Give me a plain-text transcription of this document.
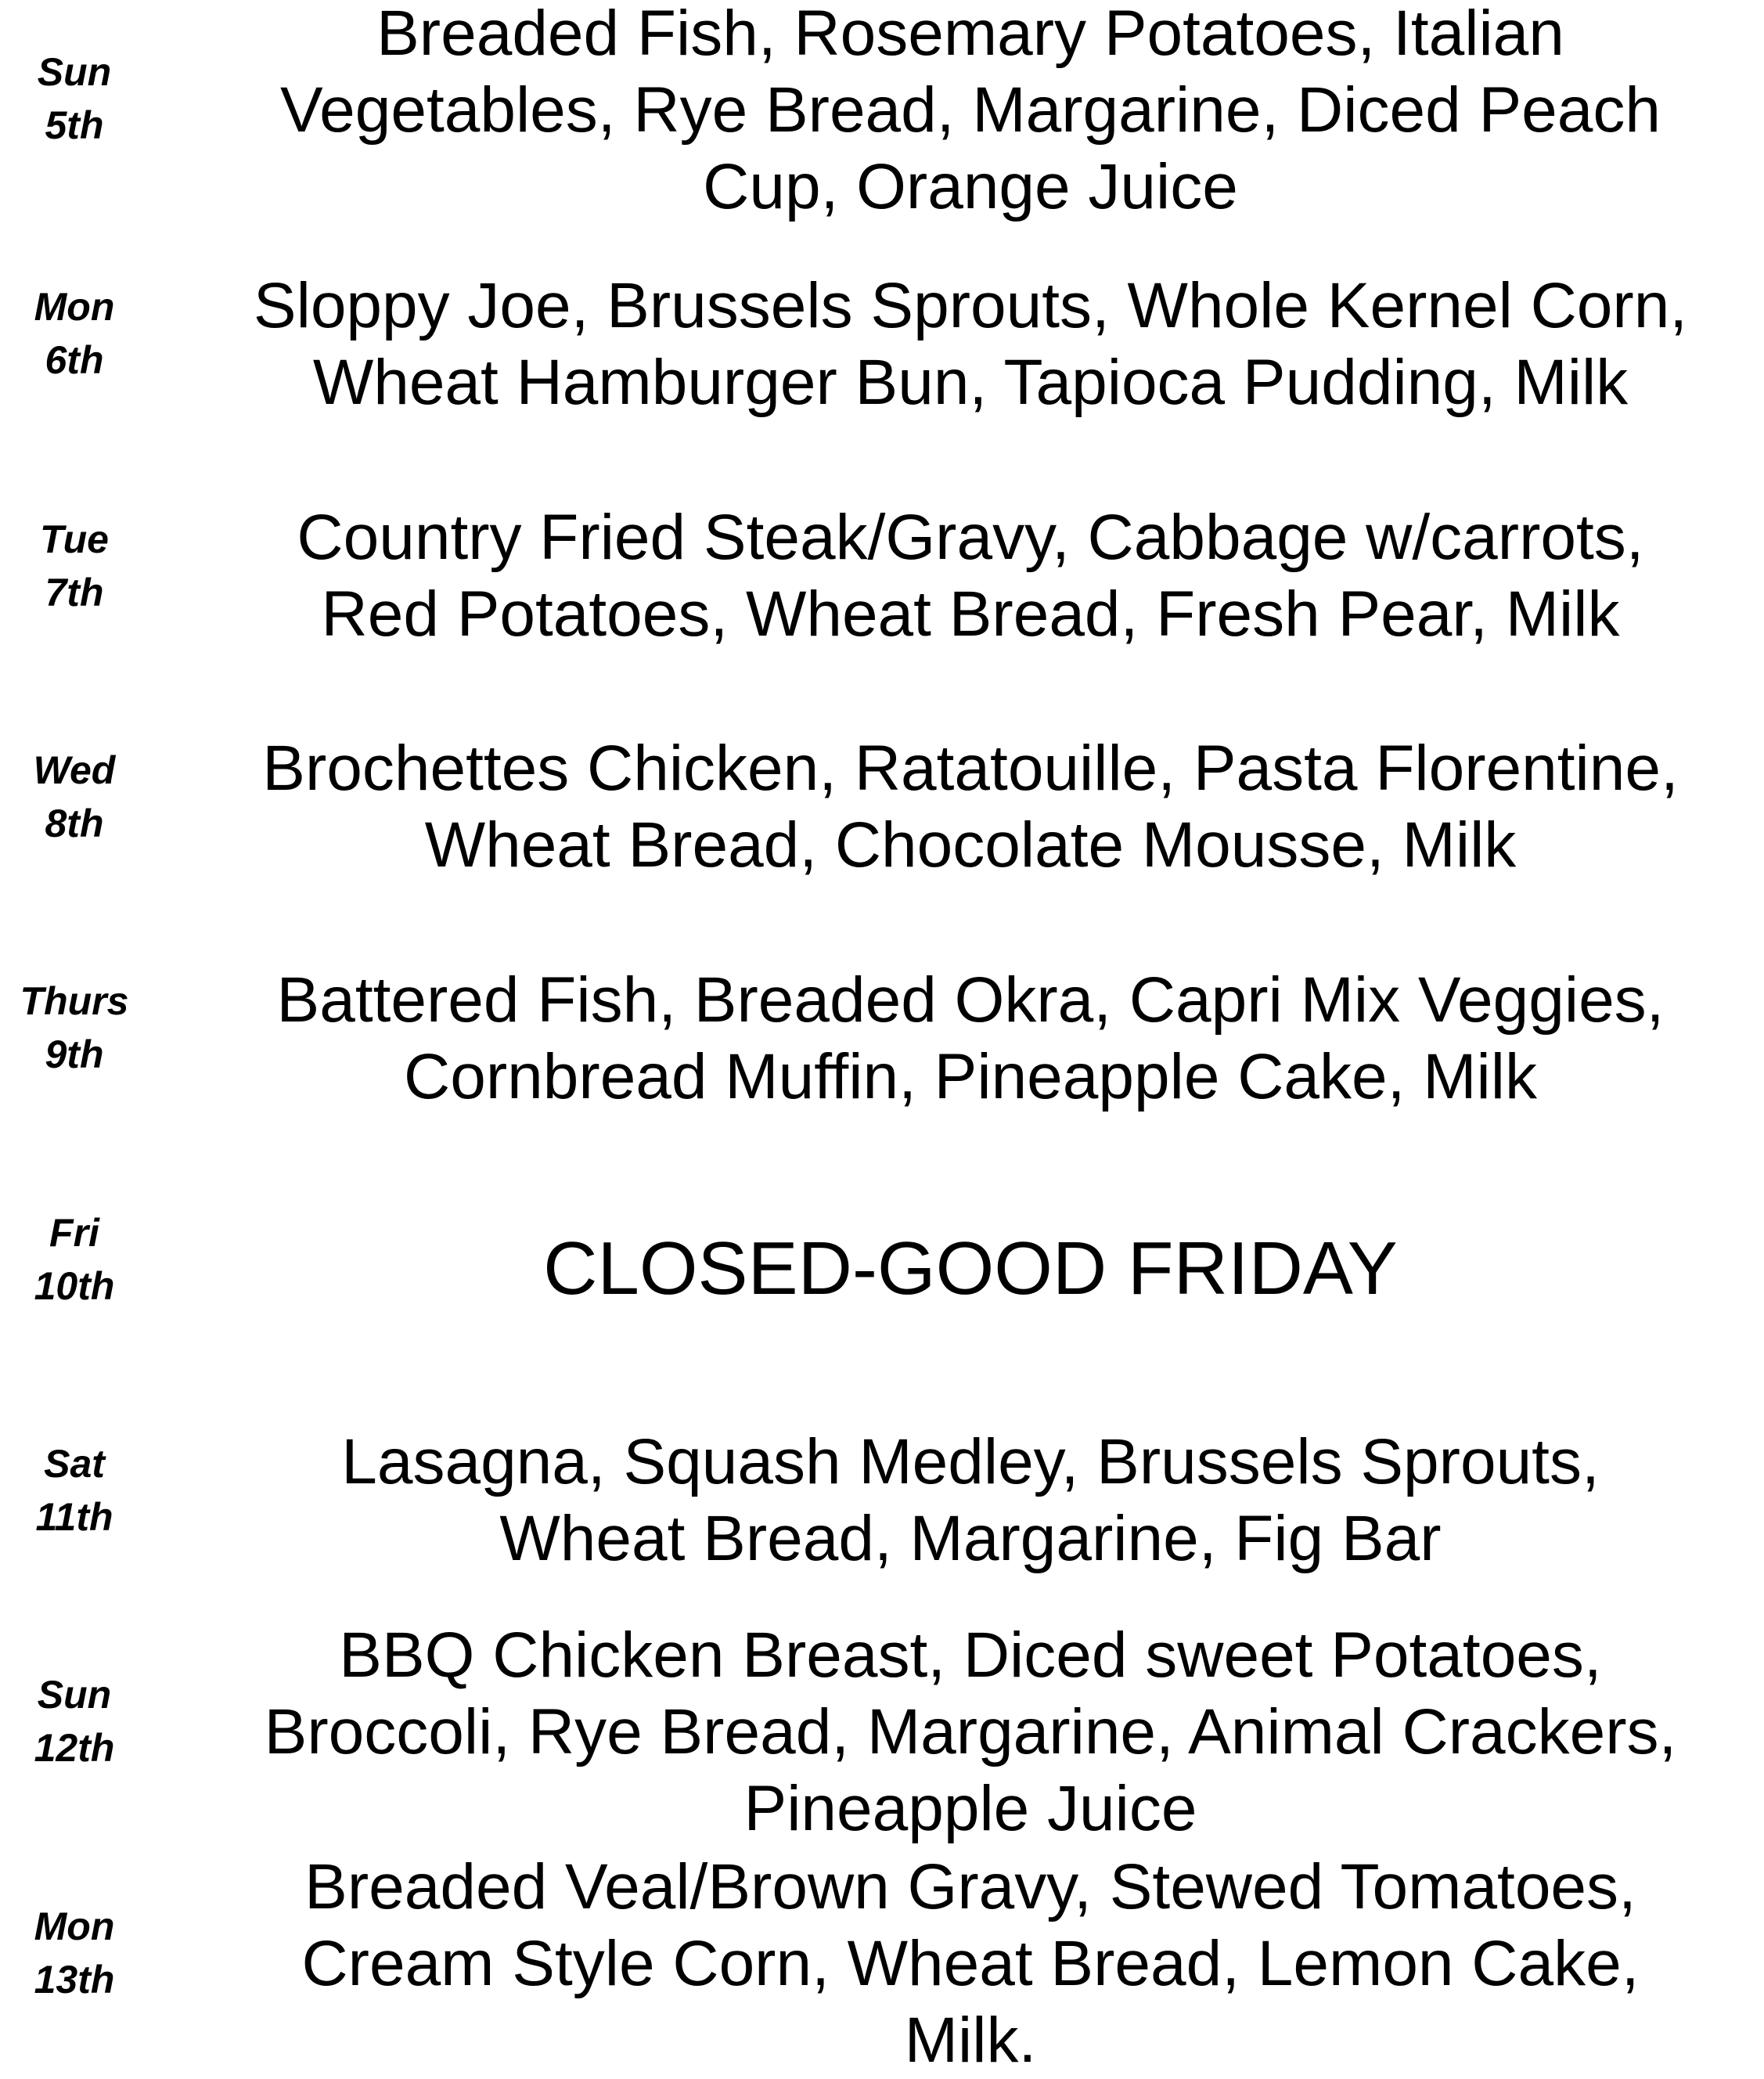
Sun
5th
Breaded Fish, Rosemary Potatoes, Italian
Vegetables, Rye Bread, Margarine, Diced Peach
Cup, Orange Juice
Mon
6th
Sloppy Joe, Brussels Sprouts, Whole Kernel Corn,
Wheat Hamburger Bun, Tapioca Pudding, Milk
Tue
7th
Country Fried Steak/Gravy, Cabbage w/carrots,
Red Potatoes, Wheat Bread, Fresh Pear, Milk
Wed
8th
Brochettes Chicken, Ratatouille, Pasta Florentine,
Wheat Bread, Chocolate Mousse, Milk
Thurs
9th
Battered Fish, Breaded Okra, Capri Mix Veggies,
Cornbread Muffin, Pineapple Cake, Milk
Fri
10th	CLOSED-GOOD FRIDAY
Sat
11th
Lasagna, Squash Medley, Brussels Sprouts,
Wheat Bread, Margarine, Fig Bar
Sun
12th
BBQ Chicken Breast, Diced sweet Potatoes,
Broccoli, Rye Bread, Margarine, Animal Crackers,
Pineapple Juice
Mon
13th
Breaded Veal/Brown Gravy, Stewed Tomatoes,
Cream Style Corn, Wheat Bread, Lemon Cake,
Milk.
